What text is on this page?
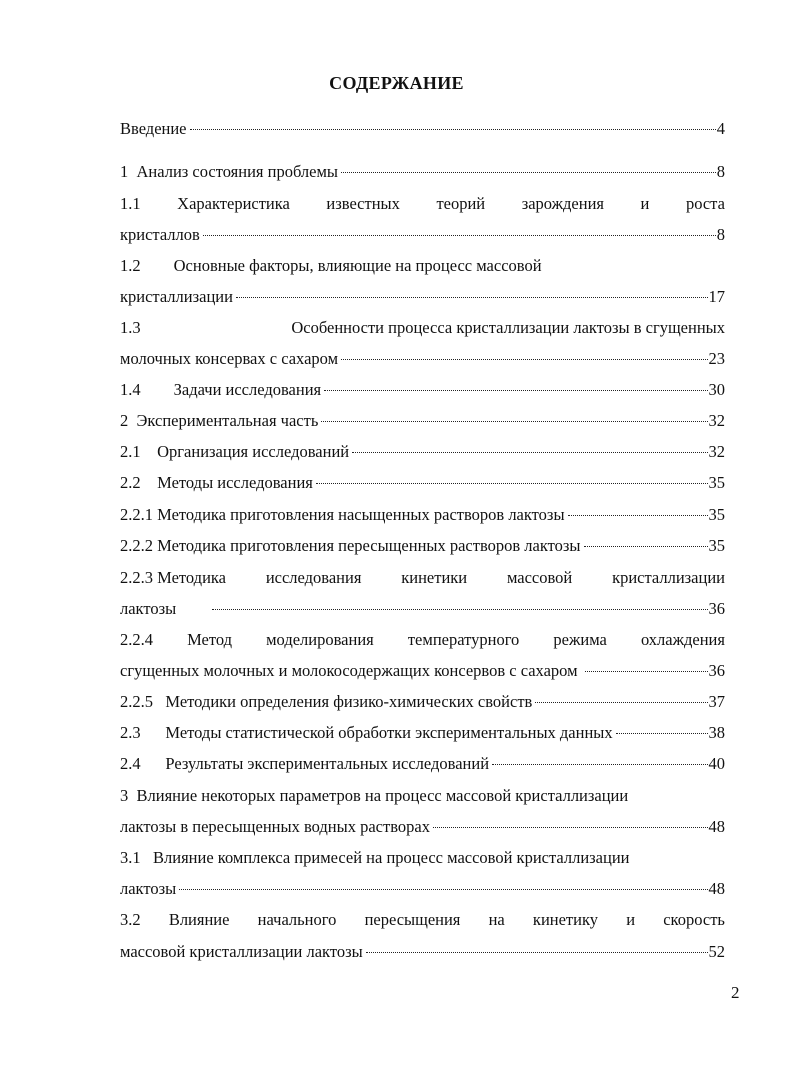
СОДЕРЖАНИЕ
Введение	4
1  Анализ состояния проблемы	8
1.1 Характеристика известных теорий зарождения и роста
кристаллов	8
1.2        Основные факторы, влияющие на процесс массовой
кристаллизации	17
1.3	Особенности процесса кристаллизации лактозы в сгущенных
молочных консервах с сахаром	23
1.4        Задачи исследования	30
2  Экспериментальная часть	32
2.1    Организация исследований	32
2.2    Методы исследования	35
2.2.1 Методика приготовления насыщенных растворов лактозы	35
2.2.2 Методика приготовления пересыщенных растворов лактозы	35
2.2.3 Методика исследования кинетики массовой кристаллизации
лактозы	36
2.2.4 Метод моделирования температурного режима охлаждения
сгущенных молочных и молокосодержащих консервов с сахаром	36
2.2.5   Методики определения физико-химических свойств	37
2.3      Методы статистической обработки экспериментальных данных	38
2.4      Результаты экспериментальных исследований	40
3  Влияние некоторых параметров на процесс массовой кристаллизации
лактозы в пересыщенных водных растворах	48
3.1   Влияние комплекса примесей на процесс массовой кристаллизации
лактозы	48
3.2 Влияние начального пересыщения на кинетику и скорость
массовой кристаллизации лактозы	52
2
